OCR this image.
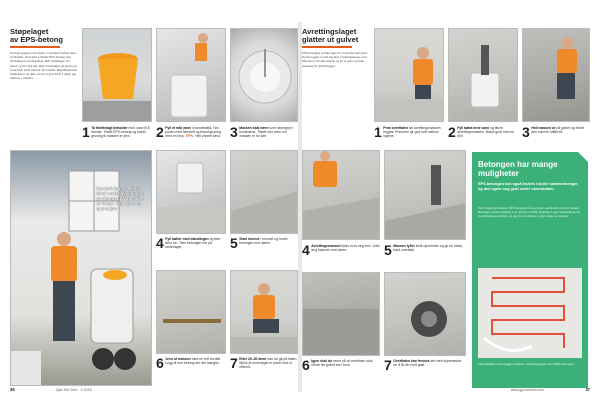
Støpelaget
av EPS-betong
En liten oppgave som dette, er perfekt å utføre med en blander. Start med å blande EPS-betong etter anvisning fra produsenten. Hell blandingen ut i bøtter og bær den inn. Hell ut betongen på gulvet og fordel den jevnt med en rett bordbit. Blandingen kan bearbeides i en time, så det er god tid til å jobbe seg bakover i rommet.
1 Ta tilrettelagt beholder med vann til å blande. Tilsett EPS-betong og bland grundig til massen er jevn.	2 Fyll et mål vann i blandebøtta. Ha i posen med tørrstoff og bland grundig med en visp. TIPS: Hell vannet først. 3 Massen skal være som havregryn i konsistens. Tilsett mer vann om massen er for tørr.
Ha med deg en ekstra hånd under blandingen og deretter på innsiden av huset. Gjør det i én operasjon.
4 Fyll bøtter med blandingen og bær dem inn. Tøm betongen rett på underlaget.	5 Start innerst i rommet og fordel betongen mot døren.
6 Jevn ut massen med en rett bordbit. Legg til mer betong der det mangler. 7 Etter 20–30 timer kan du gå på flaten. Sjekk at underlaget er plant med et rettholt.
36	Gjør Det Selv · 3-2016
Avrettingslaget
glatter ut gulvet
EPS-betongen er ikke laget for å avrettes helt jevnt. Derfor legges et tynt lag med avrettingsmasse over. Massen er selvutjevnende og gir et glatt og plant underlag for gulvbelegget.
1 Prim overflaten før avrettingsmassen legges. Primeren gir god heft mellom lagene.	2 Fyll bøtta med vann og tilsett avrettingsmassen. Bland godt med en drill.	3 Hell massen ut på gulvet og fordel den med en stålbrett.
4 Avrettingsmassen flyter ut av seg selv. Jobb deg bakover mot døren.	5 Massen fyller små ujevnheter og gir en blank, hard overflate.
6 Igjen skal du vente på at overflaten skal herde før gulvet tas i bruk.	7 Overflaten kan fresses lett med slipemaskin for å få den helt glatt.
Betongen har mange muligheter
EPS-betongen kan også brukes i andre sammenhenger, og den egner seg godt under varmekabler.
Ved å legge gulvvarme i EPS-betongen får du et gulv som holder godt på varmen. Betongen isolerer samtidig som den gir et stabilt underlag. Legg varmekablene før avrettingsmassen helles, og sørg for at kablene er godt dekket av massen.
Varmekablene kan legges direkte i avrettingslaget over EPS-betongen.
www.gjordetselv.com	37
